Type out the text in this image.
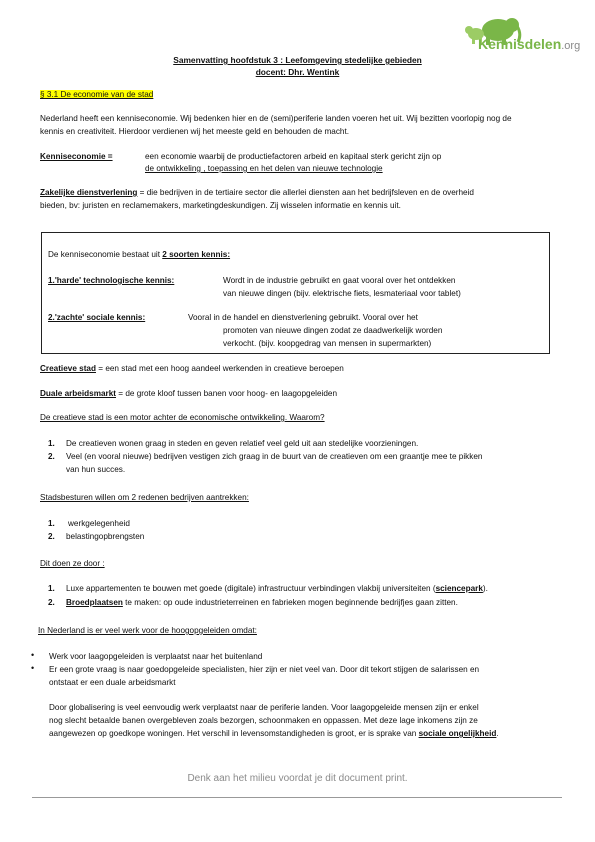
Kennisdelen.org
Samenvatting hoofdstuk 3 : Leefomgeving stedelijke gebieden
docent: Dhr. Wentink
§ 3.1 De economie van de stad
Nederland heeft een kenniseconomie. Wij bedenken hier en de (semi)periferie landen voeren het uit. Wij bezitten voorlopig nog de
kennis en creativiteit. Hierdoor verdienen wij het meeste geld en behouden de macht.
Kenniseconomie =	een economie waarbij de productiefactoren arbeid en kapitaal sterk gericht zijn op
de ontwikkeling , toepassing en het delen van nieuwe technologie
Zakelijke dienstverlening = die bedrijven in de tertiaire sector die allerlei diensten aan het bedrijfsleven en de overheid
bieden, bv: juristen en reclamemakers, marketingdeskundigen. Zij wisselen informatie en kennis uit.
De kenniseconomie bestaat uit 2 soorten kennis:
1.'harde' technologische kennis:	Wordt in de industrie gebruikt en gaat vooral over het ontdekken
van nieuwe dingen (bijv. elektrische fiets, lesmateriaal voor tablet)
2.'zachte' sociale kennis:	Vooral in de handel en dienstverlening gebruikt. Vooral over het
promoten van nieuwe dingen zodat ze daadwerkelijk worden
verkocht. (bijv. koopgedrag van mensen in supermarkten)
Creatieve stad = een stad met een hoog aandeel werkenden in creatieve beroepen
Duale arbeidsmarkt = de grote kloof tussen banen voor hoog- en laagopgeleiden
De creatieve stad is een motor achter de economische ontwikkeling. Waarom?
1. De creatieven wonen graag in steden en geven relatief veel geld uit aan stedelijke voorzieningen.
2. Veel (en vooral nieuwe) bedrijven vestigen zich graag in de buurt van de creatieven om een graantje mee te pikken
van hun succes.
Stadsbesturen willen om 2 redenen bedrijven aantrekken:
1. werkgelegenheid
2. belastingopbrengsten
Dit doen ze door :
1. Luxe appartementen te bouwen met goede (digitale) infrastructuur verbindingen vlakbij universiteiten (sciencepark).
2. Broedplaatsen te maken: op oude industrieterreinen en fabrieken mogen beginnende bedrijfjes gaan zitten.
In Nederland is er veel werk voor de hoogopgeleiden omdat:
• Werk voor laagopgeleiden is verplaatst naar het buitenland
• Er een grote vraag is naar goedopgeleide specialisten, hier zijn er niet veel van. Door dit tekort stijgen de salarissen en
ontstaat er een duale arbeidsmarkt
Door globalisering is veel eenvoudig werk verplaatst naar de periferie landen. Voor laagopgeleide mensen zijn er enkel
nog slecht betaalde banen overgebleven zoals bezorgen, schoonmaken en oppassen. Met deze lage inkomens zijn ze
aangewezen op goedkope woningen. Het verschil in levensomstandigheden is groot, er is sprake van sociale ongelijkheid.
Denk aan het milieu voordat je dit document print.
